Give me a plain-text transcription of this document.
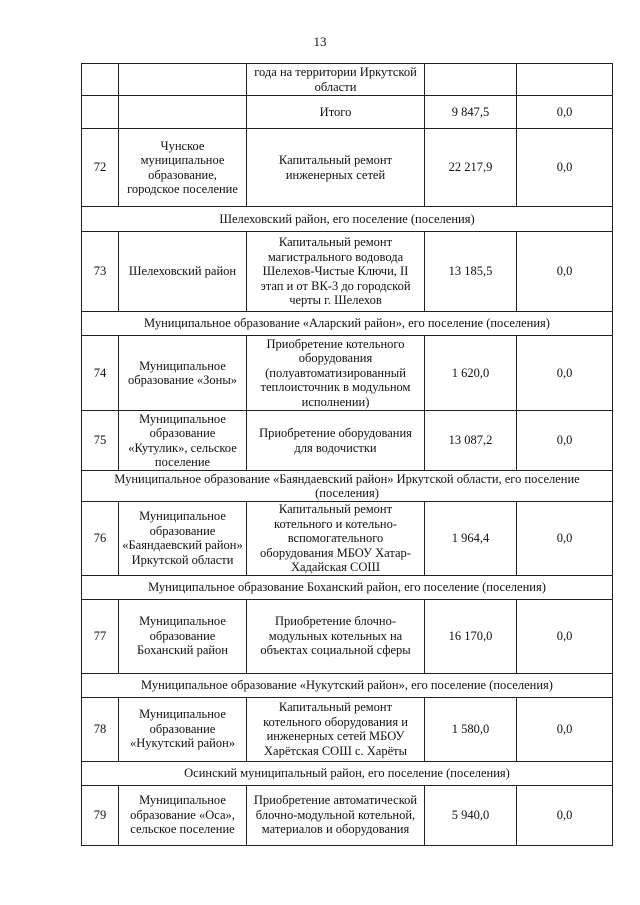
13
		года на территории Иркутской области		
		Итого	9 847,5	0,0
72	Чунское муниципальное образование, городское поселение	Капитальный ремонт инженерных сетей	22 217,9	0,0
Шелеховский район, его поселение (поселения)				
73	Шелеховский район	Капитальный ремонт магистрального водовода Шелехов-Чистые Ключи, II этап и от ВК-3 до городской черты г. Шелехов	13 185,5	0,0
Муниципальное образование «Аларский район», его поселение (поселения)				
74	Муниципальное образование «Зоны»	Приобретение котельного оборудования (полуавтоматизированный теплоисточник в модульном исполнении)	1 620,0	0,0
75	Муниципальное образование «Кутулик», сельское поселение	Приобретение оборудования для водочистки	13 087,2	0,0
Муниципальное образование «Баяндаевский район» Иркутской области, его поселение (поселения)				
76	Муниципальное образование «Баяндаевский район» Иркутской области	Капитальный ремонт котельного и котельно-вспомогательного оборудования МБОУ Хатар-Хадайская СОШ	1 964,4	0,0
Муниципальное образование Боханский район, его поселение (поселения)				
77	Муниципальное образование Боханский район	Приобретение блочно-модульных котельных на объектах социальной сферы	16 170,0	0,0
Муниципальное образование «Нукутский район», его поселение (поселения)				
78	Муниципальное образование «Нукутский район»	Капитальный ремонт котельного оборудования и инженерных сетей МБОУ Харётская СОШ с. Харёты	1 580,0	0,0
Осинский муниципальный район, его поселение (поселения)				
79	Муниципальное образование «Оса», сельское поселение	Приобретение автоматической блочно-модульной котельной, материалов и оборудования	5 940,0	0,0
